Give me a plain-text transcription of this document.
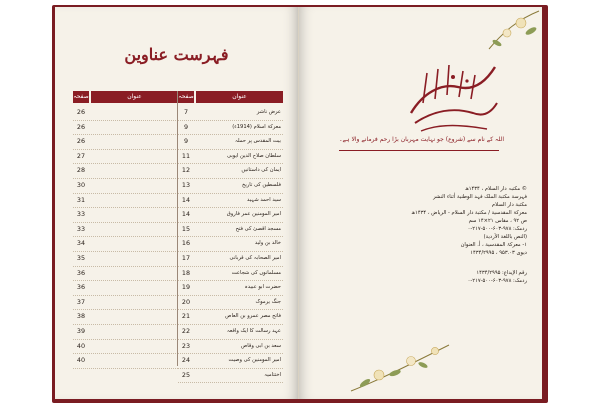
فہرست عناوین
صفحہ	عنوان
26
26
26
27
28
30
31
33
33
34
35
36
36
37
38
39
40
40
صفحہ	عنوان
7	عرض ناشر
9	معرکۂ اسلام (1914ء)
9	بیت المقدس پر حملہ
11	سلطان صلاح الدین ایوبی
12	ایمان کی داستانیں
13	فلسطین کی تاریخ
14	سید احمد شہید
14	امیر المومنین عمر فاروق
15	مسجد اقصیٰ کی فتح
16	خالد بن ولید
17	امیر الصحابہ کی قربانی
18	مسلمانوں کی شجاعت
19	حضرت ابو عبیدہ
20	جنگ یرموک
21	فاتح مصر عمرو بن العاص
22	عہد رسالت کا ایک واقعہ
23	سعد بن ابی وقاص
24	امیر المومنین کی وصیت
25	اختتامیہ
اللہ کے نام سے (شروع) جو نہایت مہربان بڑا رحم فرمانے والا ہے۔
© مکتبہ دار السلام ، ۱۴۳۴ھ
فہرسة مکتبة الملک فہد الوطنية أثناء النشر
مکتبة دار السلام
معرکۂ المقدسیة / مکتبة دار السلام - الریاض ، ۱۴۳۴ھ
ص ۹۲ ، مقاس ۲۱×۱۴ سم
ردمک: ۹۷۸-۶۰۳-۵۰۰-۲۱۷-۰
(النص باللغة الأردية)
۱- معرکۃ المقدسیة ، أ. العنوان
دیوی ۹۵۳.۰۳ ، ۱۴۳۴/۲۹۹۵
رقم الإيداع: ۱۴۳۴/۲۹۹۵
ردمک: ۹۷۸-۶۰۳-۵۰۰-۲۱۷-۰
